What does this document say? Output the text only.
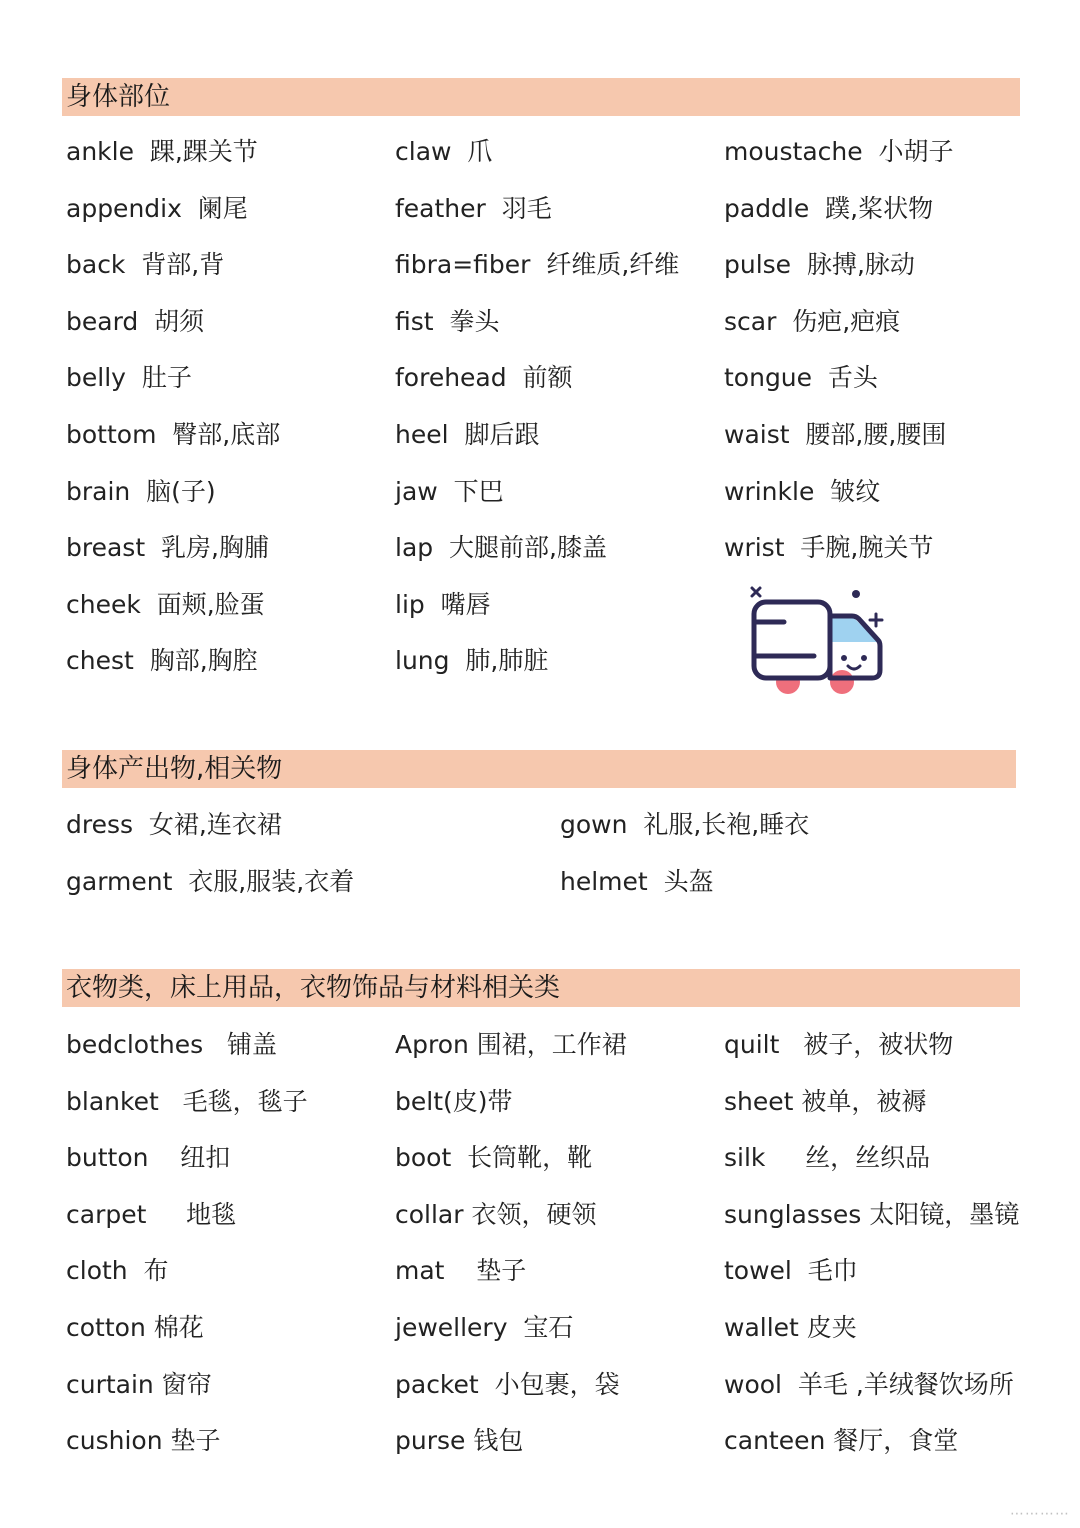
身体部位
ankle  踝,踝关节
appendix  阑尾
back  背部,背
beard  胡须
belly  肚子
bottom  臀部,底部
brain  脑(子)
breast  乳房,胸脯
cheek  面颊,脸蛋
chest  胸部,胸腔
claw  爪
feather  羽毛
fibra=fiber  纤维质,纤维
fist  拳头
forehead  前额
heel  脚后跟
jaw  下巴
lap  大腿前部,膝盖
lip  嘴唇
lung  肺,肺脏
moustache  小胡子
paddle  蹼,桨状物
pulse  脉搏,脉动
scar  伤疤,疤痕
tongue  舌头
waist  腰部,腰,腰围
wrinkle  皱纹
wrist  手腕,腕关节
身体产出物,相关物
dress  女裙,连衣裙
garment  衣服,服装,衣着
gown  礼服,长袍,睡衣
helmet  头盔
衣物类，床上用品，衣物饰品与材料相关类
bedclothes   铺盖
blanket   毛毯，毯子
button    纽扣
carpet     地毯
cloth  布
cotton 棉花
curtain 窗帘
cushion 垫子
Apron 围裙，工作裙
belt(皮)带
boot  长筒靴，靴
collar 衣领，硬领
mat    垫子
jewellery  宝石
packet  小包裹，袋
purse 钱包
quilt   被子，被状物
sheet 被单，被褥
silk     丝，丝织品
sunglasses 太阳镜，墨镜
towel  毛巾
wallet 皮夹
wool  羊毛 ,羊绒餐饮场所
canteen 餐厅，食堂
⋯⋯⋯⋯
